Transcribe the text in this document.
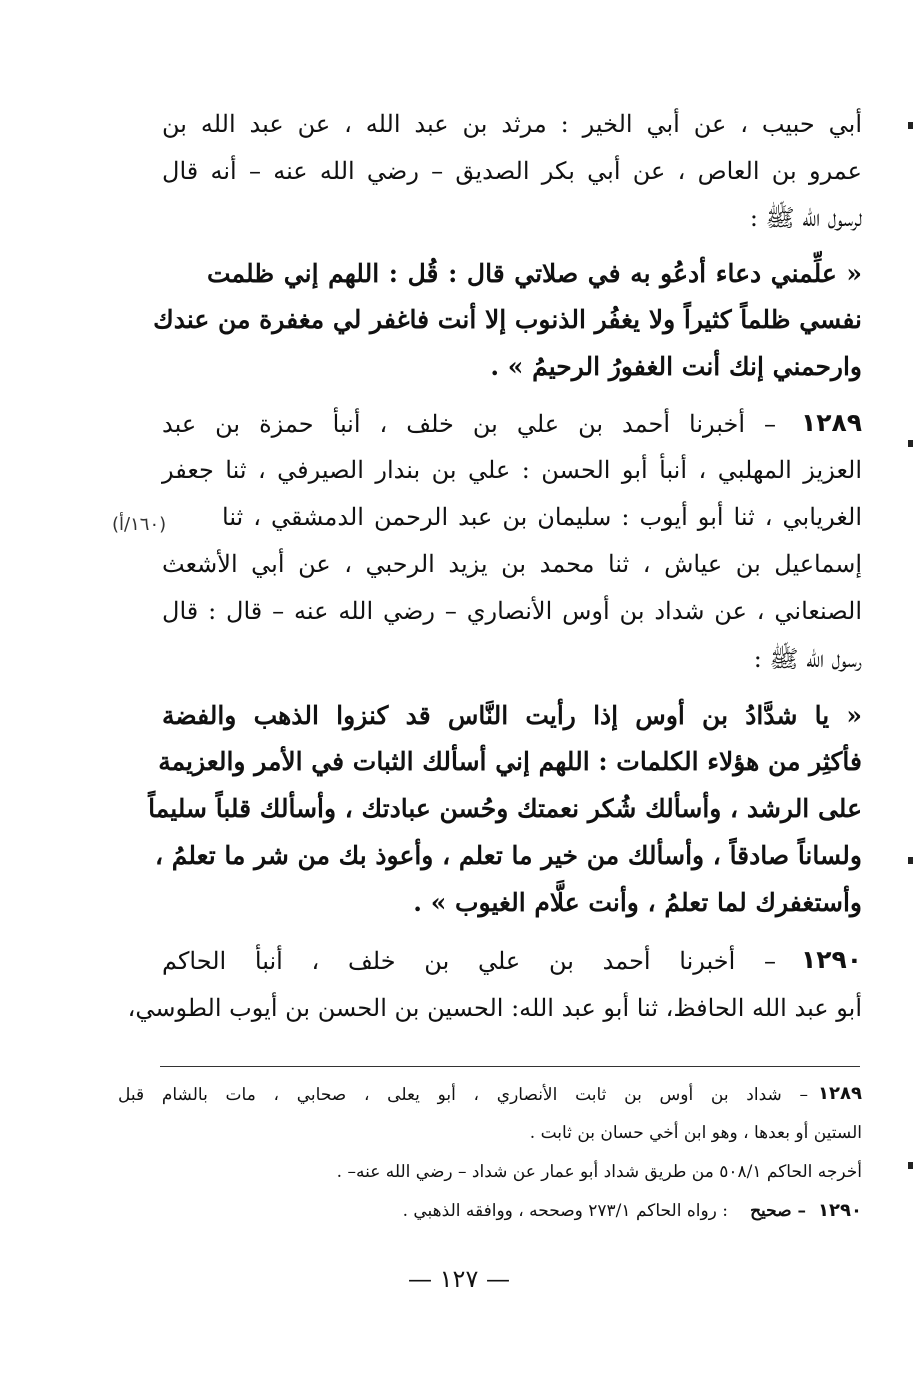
أبي حبيب ، عن أبي الخير : مرثد بن عبد الله ، عن عبد الله بن
عمرو بن العاص ، عن أبي بكر الصديق – رضي الله عنه – أنه قال
لرسول الله ﷺ :
« علِّمني دعاء أدعُو به في صلاتي قال : قُل : اللهم إني ظلمت
نفسي ظلماً كثيراً ولا يغفُر الذنوب إلا أنت فاغفر لي مغفرة من عندك
وارحمني إنك أنت الغفورُ الرحيمُ » .
١٢٨٩
– أخبرنا أحمد بن علي بن خلف ، أنبأ حمزة بن عبد
العزيز المهلبي ، أنبأ أبو الحسن : علي بن بندار الصيرفي ، ثنا جعفر
الغريابي ، ثنا أبو أيوب : سليمان بن عبد الرحمن الدمشقي ، ثنا
(١٦٠/أ)
إسماعيل بن عياش ، ثنا محمد بن يزيد الرحبي ، عن أبي الأشعث
الصنعاني ، عن شداد بن أوس الأنصاري – رضي الله عنه – قال : قال
رسول الله ﷺ :
« يا شدَّادُ بن أوس إذا رأيت النَّاس قد كنزوا الذهب والفضة
فأكثِر من هؤلاء الكلمات : اللهم إني أسألك الثبات في الأمر والعزيمة
على الرشد ، وأسألك شُكر نعمتك وحُسن عبادتك ، وأسألك قلباً سليماً
ولساناً صادقاً ، وأسألك من خير ما تعلم ، وأعوذ بك من شر ما تعلمُ ،
وأستغفرك لما تعلمُ ، وأنت علَّام الغيوب » .
١٢٩٠
– أخبرنا أحمد بن علي بن خلف ، أنبأ الحاكم
أبو عبد الله الحافظ، ثنا أبو عبد الله: الحسين بن الحسن بن أيوب الطوسي،
١٢٨٩
– شداد بن أوس بن ثابت الأنصاري ، أبو يعلى ، صحابي ، مات بالشام قبل
الستين أو بعدها ، وهو ابن أخي حسان بن ثابت .
أخرجه الحاكم ٥٠٨/١ من طريق شداد أبو عمار عن شداد – رضي الله عنه– .
١٢٩٠
– صحيح
: رواه الحاكم ٢٧٣/١ وصححه ، ووافقه الذهبي .
— ١٢٧ —
